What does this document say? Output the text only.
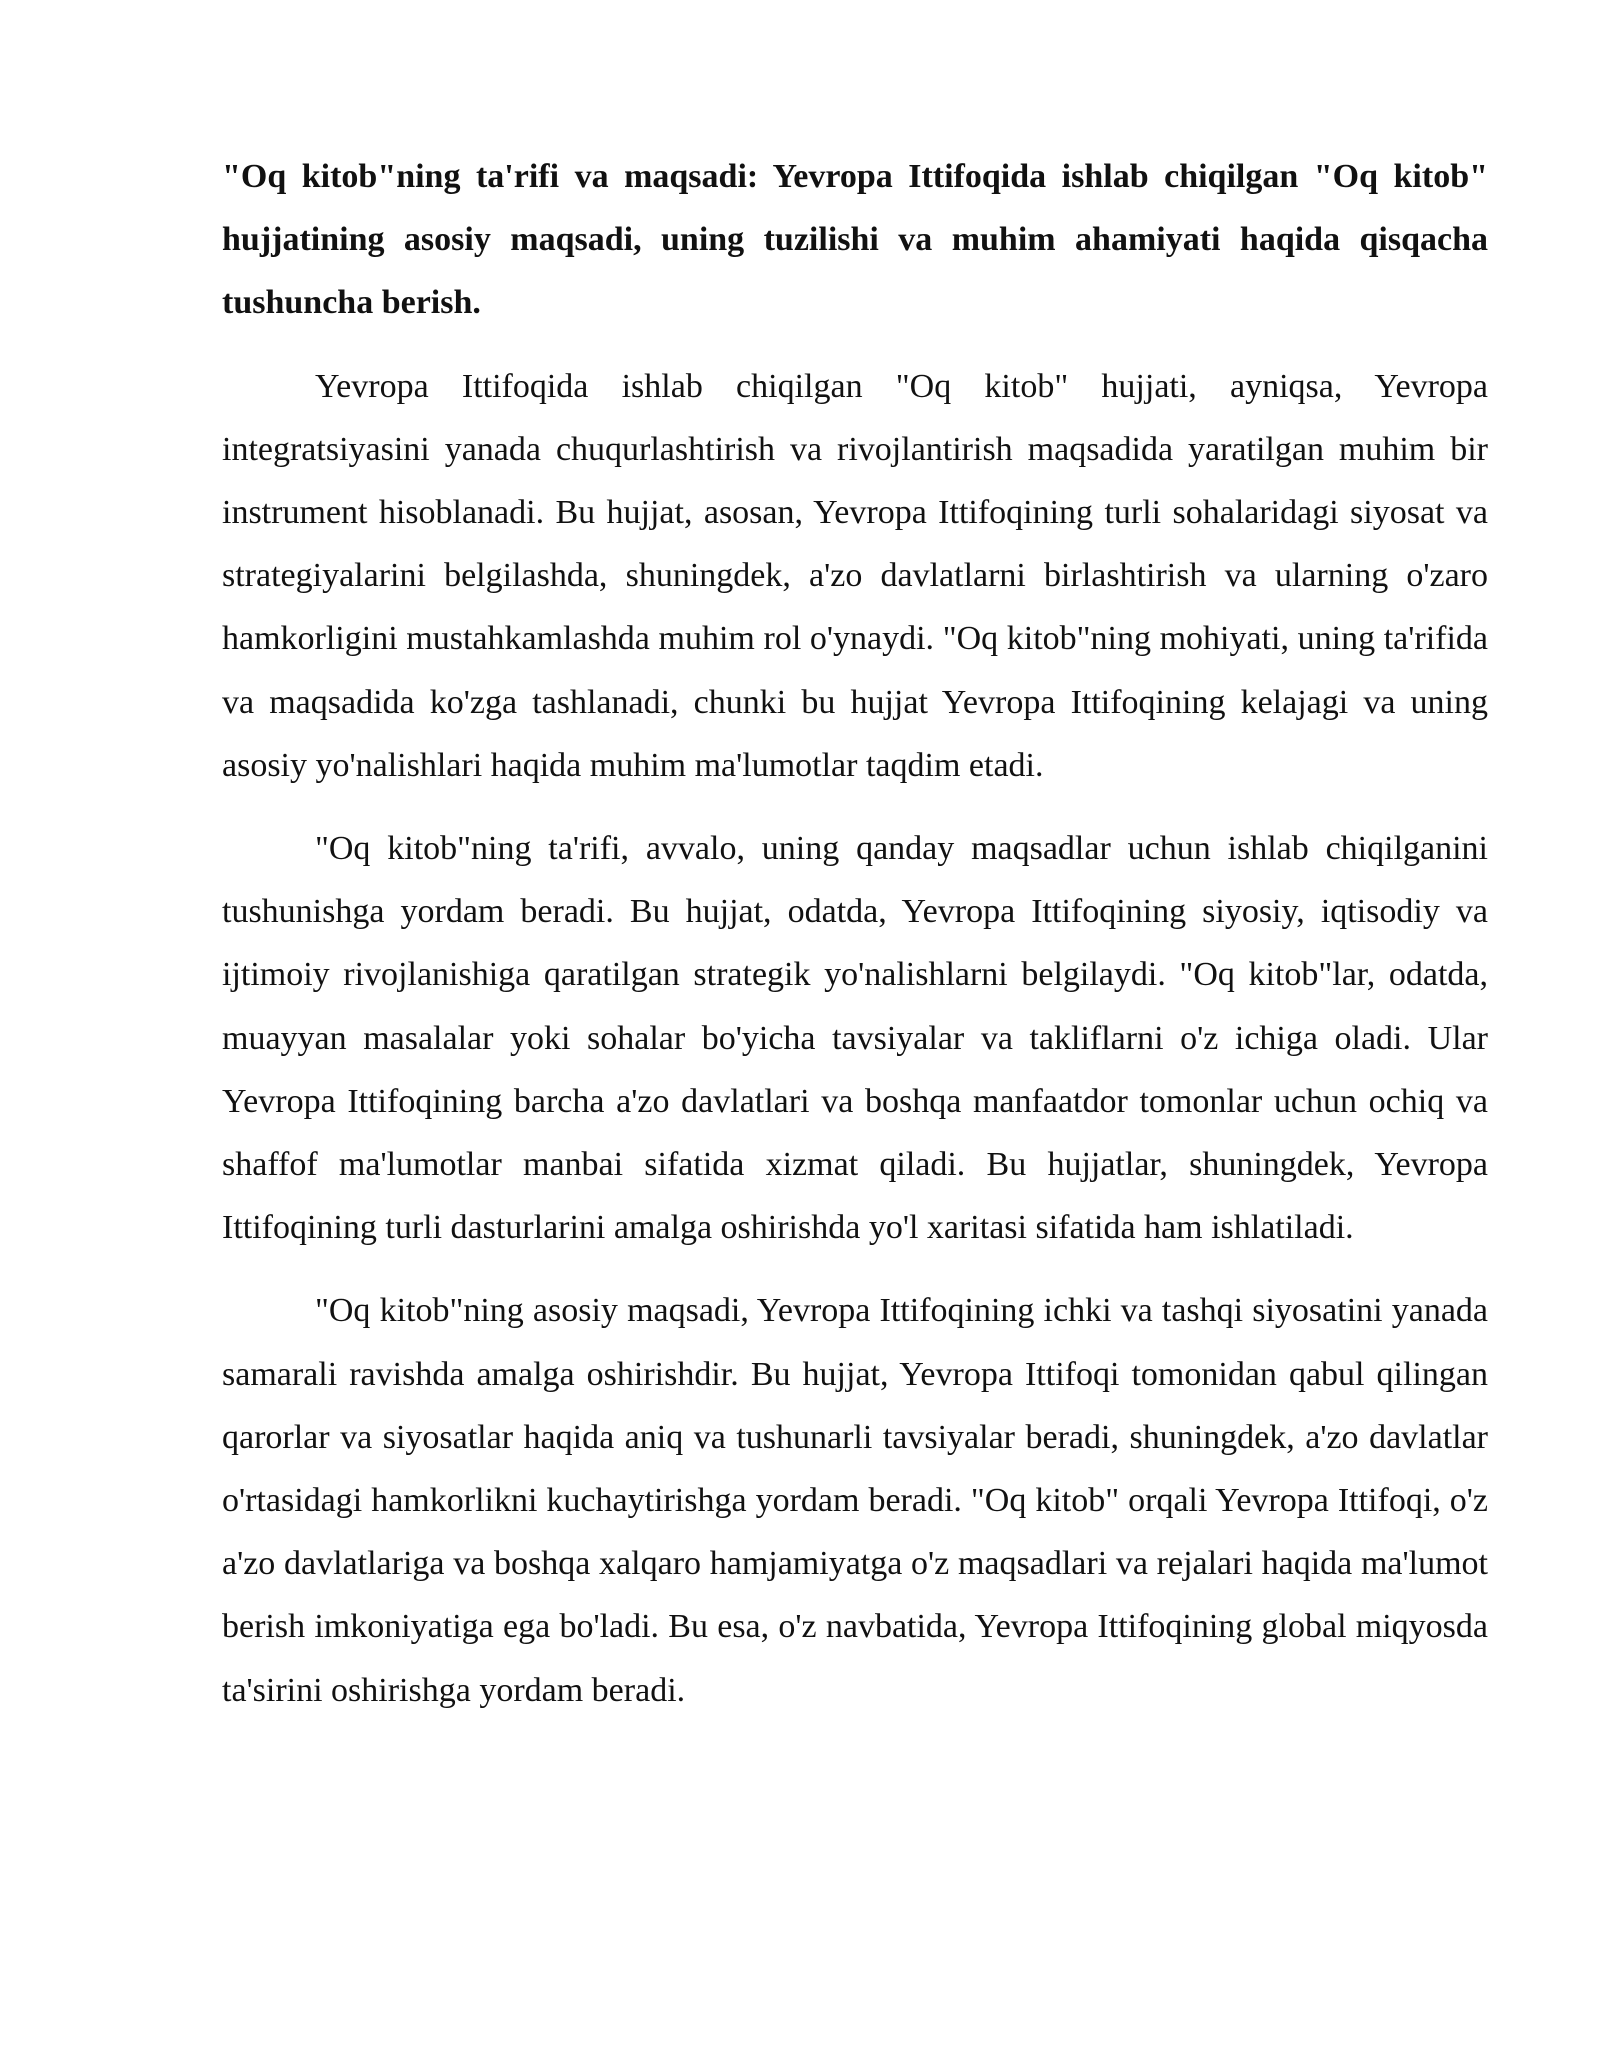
"Oq kitob"ning ta'rifi va maqsadi: Yevropa Ittifoqida ishlab chiqilgan "Oq kitob" hujjatining asosiy maqsadi, uning tuzilishi va muhim ahamiyati haqida qisqacha tushuncha berish.

Yevropa Ittifoqida ishlab chiqilgan "Oq kitob" hujjati, ayniqsa, Yevropa integratsiyasini yanada chuqurlashtirish va rivojlantirish maqsadida yaratilgan muhim bir instrument hisoblanadi. Bu hujjat, asosan, Yevropa Ittifoqining turli sohalaridagi siyosat va strategiyalarini belgilashda, shuningdek, a'zo davlatlarni birlashtirish va ularning o'zaro hamkorligini mustahkamlashda muhim rol o'ynaydi. "Oq kitob"ning mohiyati, uning ta'rifida va maqsadida ko'zga tashlanadi, chunki bu hujjat Yevropa Ittifoqining kelajagi va uning asosiy yo'nalishlari haqida muhim ma'lumotlar taqdim etadi.

"Oq kitob"ning ta'rifi, avvalo, uning qanday maqsadlar uchun ishlab chiqilganini tushunishga yordam beradi. Bu hujjat, odatda, Yevropa Ittifoqining siyosiy, iqtisodiy va ijtimoiy rivojlanishiga qaratilgan strategik yo'nalishlarni belgilaydi. "Oq kitob"lar, odatda, muayyan masalalar yoki sohalar bo'yicha tavsiyalar va takliflarni o'z ichiga oladi. Ular Yevropa Ittifoqining barcha a'zo davlatlari va boshqa manfaatdor tomonlar uchun ochiq va shaffof ma'lumotlar manbai sifatida xizmat qiladi. Bu hujjatlar, shuningdek, Yevropa Ittifoqining turli dasturlarini amalga oshirishda yo'l xaritasi sifatida ham ishlatiladi.

"Oq kitob"ning asosiy maqsadi, Yevropa Ittifoqining ichki va tashqi siyosatini yanada samarali ravishda amalga oshirishdir. Bu hujjat, Yevropa Ittifoqi tomonidan qabul qilingan qarorlar va siyosatlar haqida aniq va tushunarli tavsiyalar beradi, shuningdek, a'zo davlatlar o'rtasidagi hamkorlikni kuchaytirishga yordam beradi. "Oq kitob" orqali Yevropa Ittifoqi, o'z a'zo davlatlariga va boshqa xalqaro hamjamiyatga o'z maqsadlari va rejalari haqida ma'lumot berish imkoniyatiga ega bo'ladi. Bu esa, o'z navbatida, Yevropa Ittifoqining global miqyosda ta'sirini oshirishga yordam beradi.
